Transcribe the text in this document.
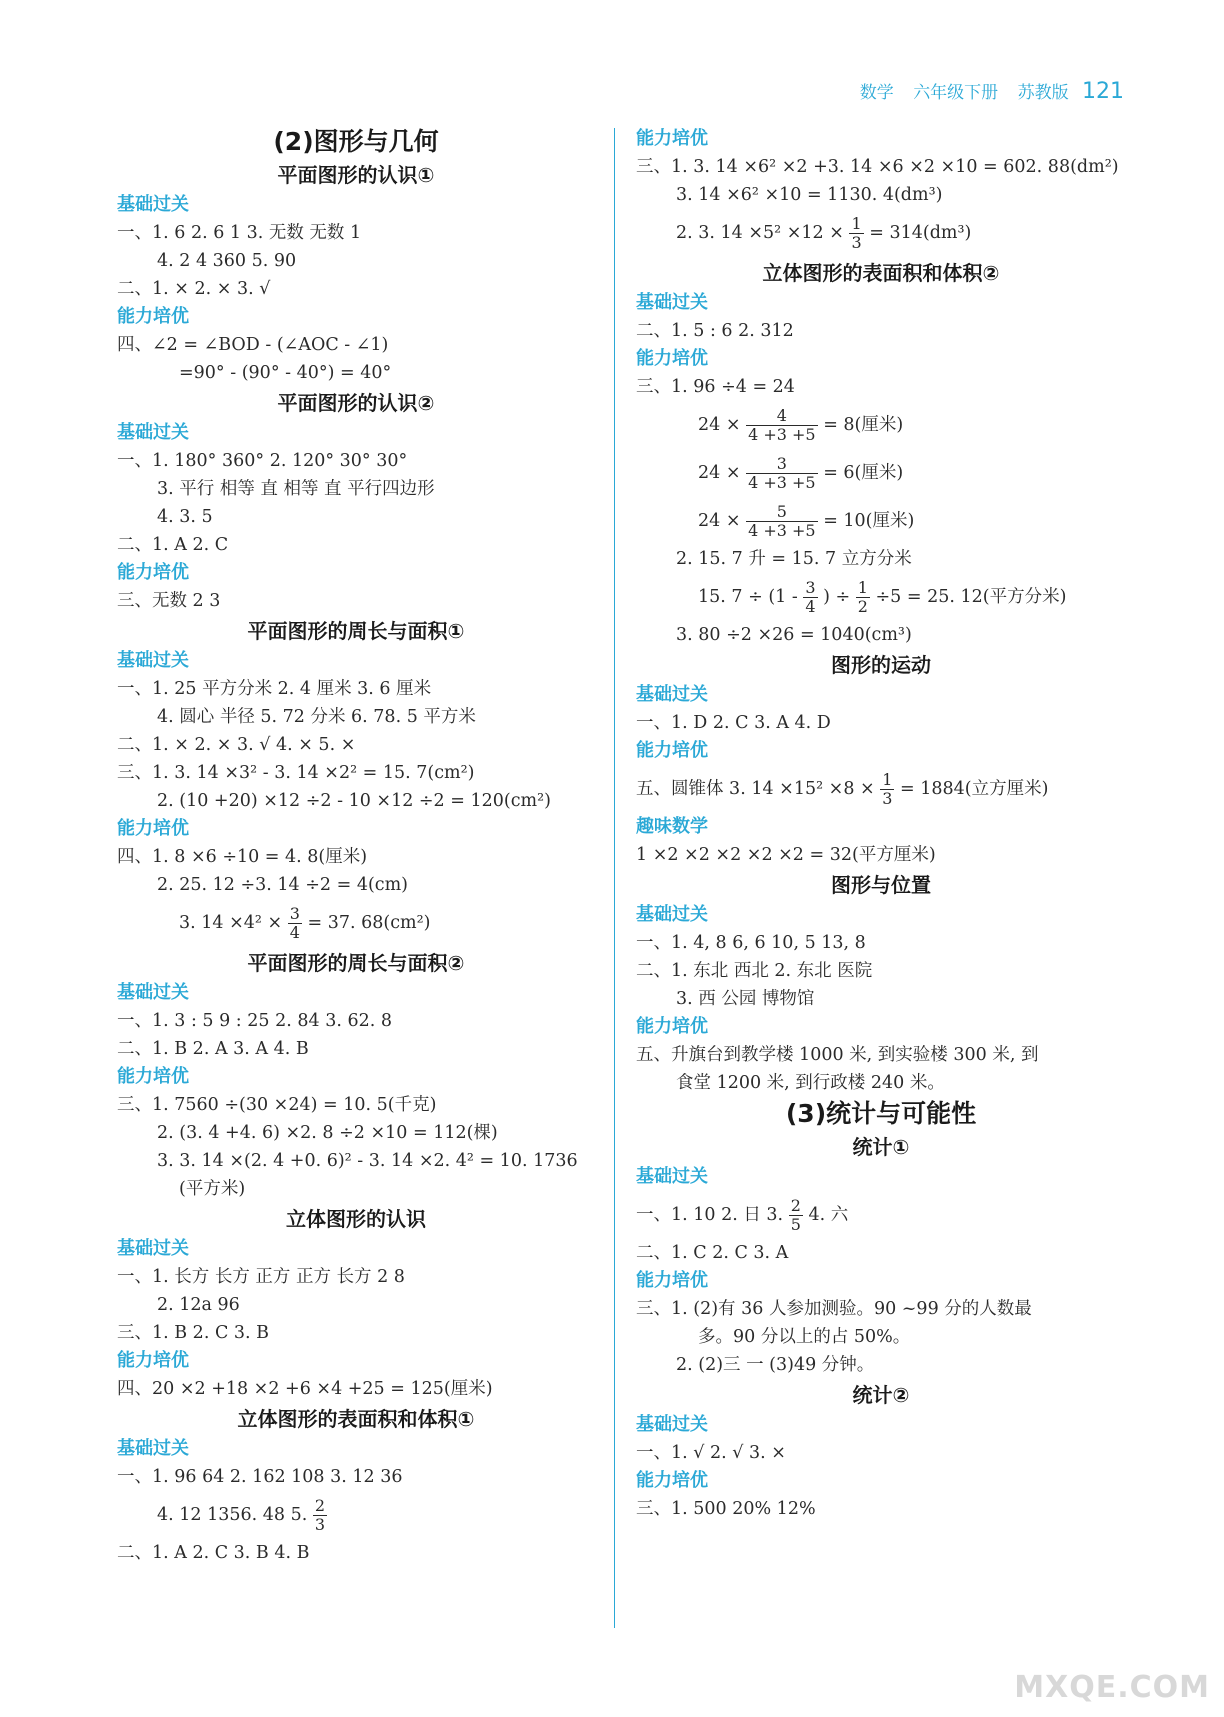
数学 六年级下册 苏教版 121
(2)图形与几何
平面图形的认识①
基础过关
一、1. 6 2. 6 1 3. 无数 无数 1
4. 2 4 360 5. 90
二、1. × 2. × 3. √
能力培优
四、∠2 = ∠BOD - (∠AOC - ∠1)
=90° - (90° - 40°) = 40°
平面图形的认识②
基础过关
一、1. 180° 360° 2. 120° 30° 30°
3. 平行 相等 直 相等 直 平行四边形
4. 3. 5
二、1. A 2. C
能力培优
三、无数 2 3
平面图形的周长与面积①
基础过关
一、1. 25 平方分米 2. 4 厘米 3. 6 厘米
4. 圆心 半径 5. 72 分米 6. 78. 5 平方米
二、1. × 2. × 3. √ 4. × 5. ×
三、1. 3. 14 ×3² - 3. 14 ×2² = 15. 7(cm²)
2. (10 +20) ×12 ÷2 - 10 ×12 ÷2 = 120(cm²)
能力培优
四、1. 8 ×6 ÷10 = 4. 8(厘米)
2. 25. 12 ÷3. 14 ÷2 = 4(cm)
3. $14 \times 4^2 \times \frac{3}{4} = 37$. 68(cm²)
平面图形的周长与面积②
基础过关
一、1. 3 : 5 9 : 25 2. 84 3. 62. 8
二、1. B 2. A 3. A 4. B
能力培优
三、1. 7560 ÷(30 ×24) = 10. 5(千克)
2. (3. 4 +4. 6) ×2. 8 ÷2 ×10 = 112(棵)
3. 3. 14 ×(2. 4 +0. 6)² - 3. 14 ×2. 4² = 10. 1736
(平方米)
立体图形的认识
基础过关
一、1. 长方 长方 正方 正方 长方 2 8
2. 12a 96
三、1. B 2. C 3. B
能力培优
四、20 ×2 +18 ×2 +6 ×4 +25 = 125(厘米)
立体图形的表面积和体积①
基础过关
一、1. 96 64 2. 162 108 3. 12 36
4. 12 1356. 48 5. $\frac{2}{3}$
二、1. A 2. C 3. B 4. B
能力培优
三、1. 3. 14 ×6² ×2 +3. 14 ×6 ×2 ×10 = 602. 88(dm²)
3. 14 ×6² ×10 = 1130. 4(dm³)
2. 3. $14 \times 5^2 \times 12 \times \frac{1}{3} = 314(dm^3)$
立体图形的表面积和体积②
基础过关
二、1. 5 : 6 2. 312
能力培优
三、1. 96 ÷4 = 24
$24 \times \frac{4}{4 +3 +5} = 8$(厘米)
$24 \times \frac{3}{4 +3 +5} = 6$(厘米)
$24 \times \frac{5}{4 +3 +5} = 10$(厘米)
2. 15. 7 升 = 15. 7 立方分米
15. $7 \div (1 - \frac{3}{4}$ ) ÷ $\frac{1}{2} \div 5 = 25$. 12(平方分米)
3. 80 ÷2 ×26 = 1040(cm³)
图形的运动
基础过关
一、1. D 2. C 3. A 4. D
能力培优
五、圆锥体 3. $14 \times 15^2 \times 8 \times \frac{1}{3} = 1884$(立方厘米)
趣味数学
1 ×2 ×2 ×2 ×2 ×2 = 32(平方厘米)
图形与位置
基础过关
一、1. 4, 8 6, 6 10, 5 13, 8
二、1. 东北 西北 2. 东北 医院
3. 西 公园 博物馆
能力培优
五、升旗台到教学楼 1000 米, 到实验楼 300 米, 到
食堂 1200 米, 到行政楼 240 米。
(3)统计与可能性
统计①
基础过关
一、1. 10 2. 日 3. $\frac{2}{5} 4$. 六
二、1. C 2. C 3. A
能力培优
三、1. (2)有 36 人参加测验。90 ~99 分的人数最
多。90 分以上的占 50%。
2. (2)三 一 (3)49 分钟。
统计②
基础过关
一、1. √ 2. √ 3. ×
能力培优
三、1. 500 20% 12%
MXQE.COM
